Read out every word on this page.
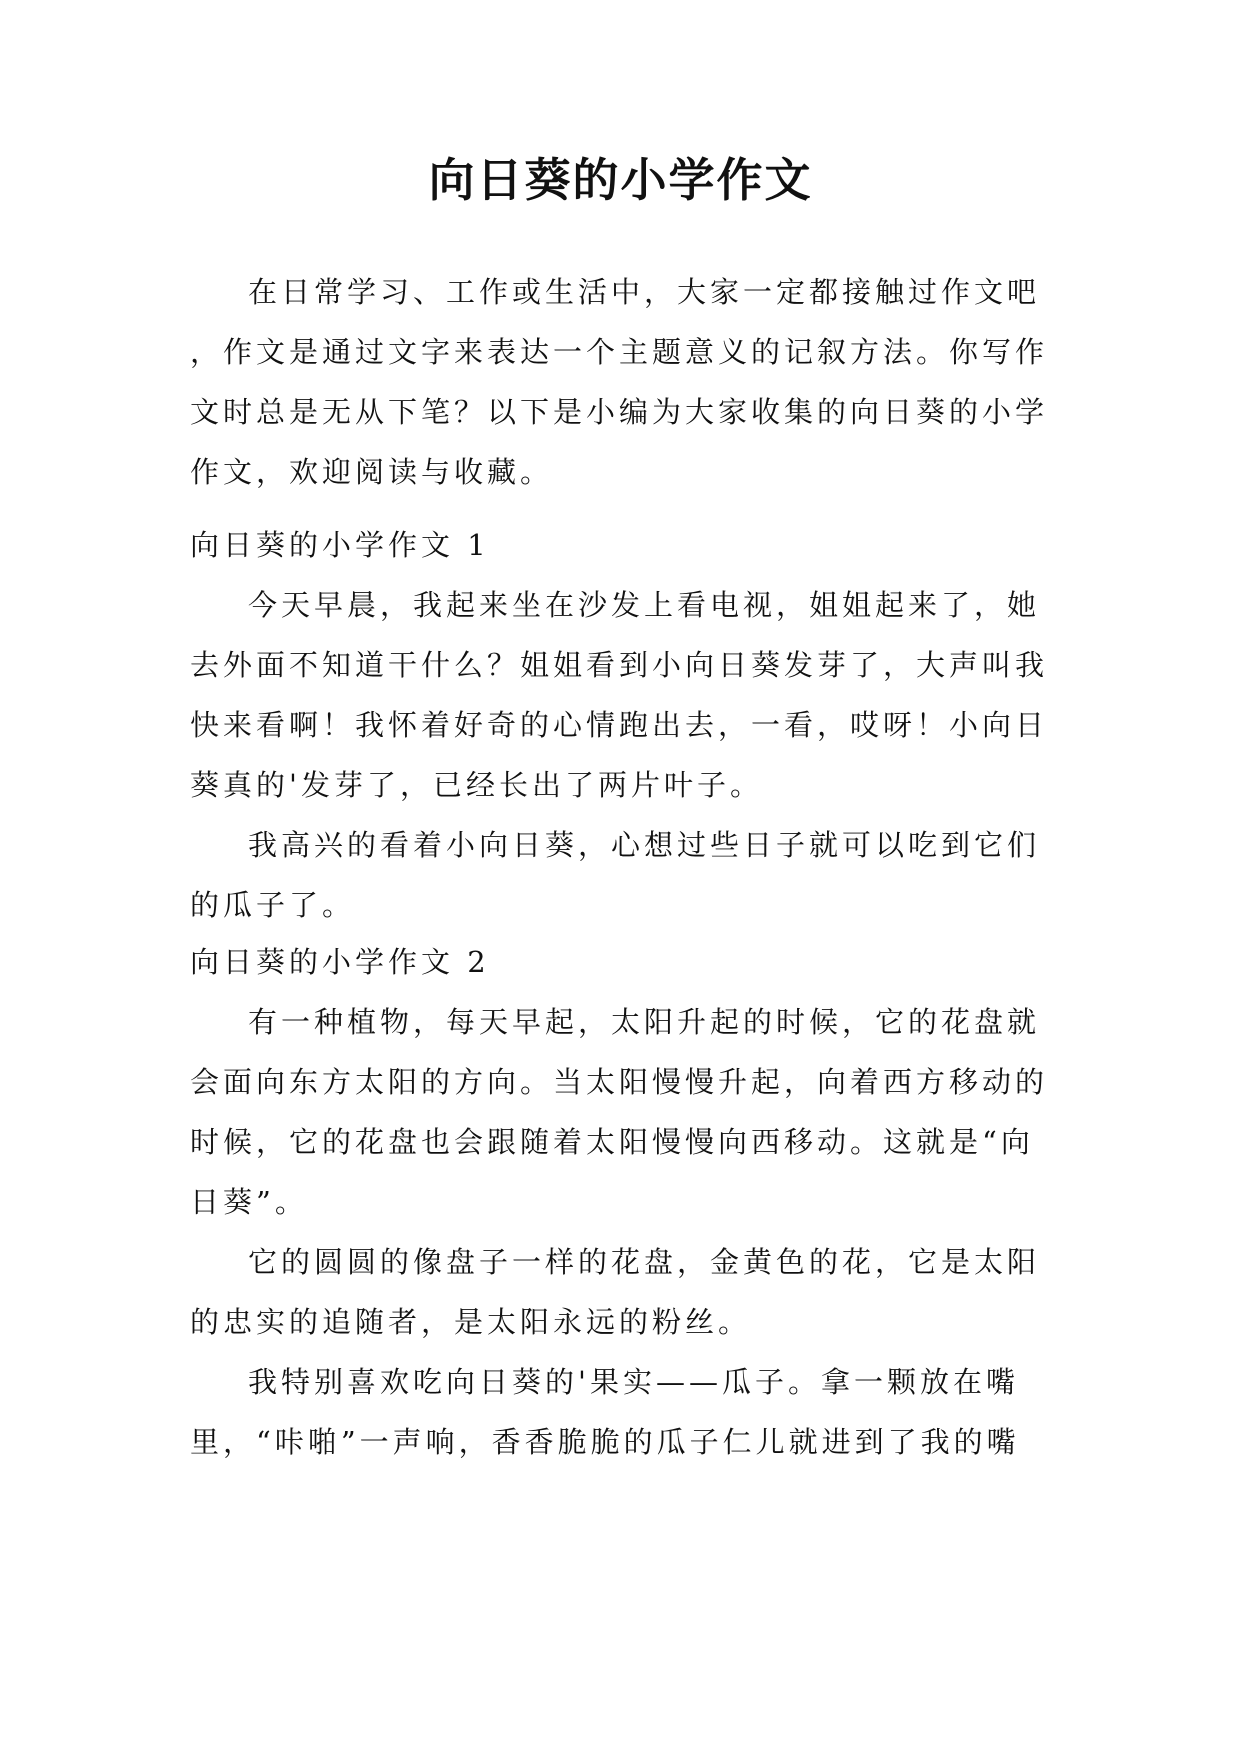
向日葵的小学作文

在日常学习、工作或生活中，大家一定都接触过作文吧，作文是通过文字来表达一个主题意义的记叙方法。你写作文时总是无从下笔？以下是小编为大家收集的向日葵的小学作文，欢迎阅读与收藏。

向日葵的小学作文 1

今天早晨，我起来坐在沙发上看电视，姐姐起来了，她去外面不知道干什么？姐姐看到小向日葵发芽了，大声叫我快来看啊！我怀着好奇的心情跑出去，一看，哎呀！小向日葵真的'发芽了，已经长出了两片叶子。

我高兴的看着小向日葵，心想过些日子就可以吃到它们的瓜子了。

向日葵的小学作文 2

有一种植物，每天早起，太阳升起的时候，它的花盘就会面向东方太阳的方向。当太阳慢慢升起，向着西方移动的时候，它的花盘也会跟随着太阳慢慢向西移动。这就是“向日葵”。

它的圆圆的像盘子一样的花盘，金黄色的花，它是太阳的忠实的追随者，是太阳永远的粉丝。

我特别喜欢吃向日葵的'果实——瓜子。拿一颗放在嘴里，“咔啪”一声响，香香脆脆的瓜子仁儿就进到了我的嘴
